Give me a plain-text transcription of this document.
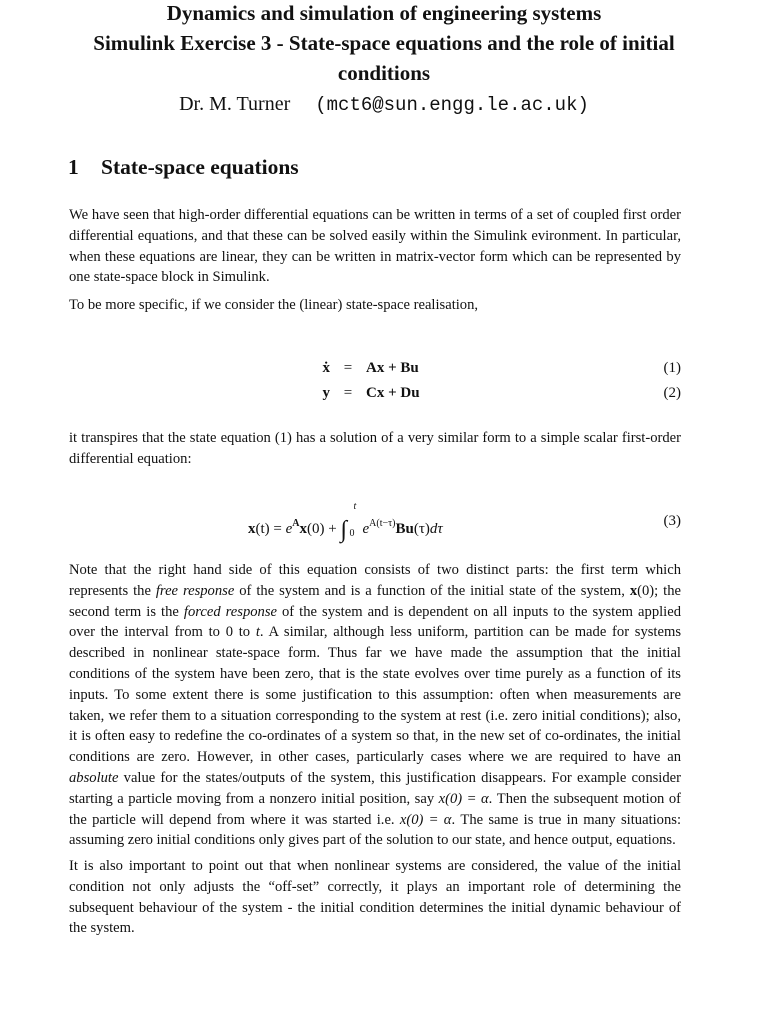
Dynamics and simulation of engineering systems
Simulink Exercise 3 - State-space equations and the role of initial
conditions
Dr. M. Turner (mct6@sun.engg.le.ac.uk)
1 State-space equations
We have seen that high-order differential equations can be written in terms of a set of coupled first order differential equations, and that these can be solved easily within the Simulink evironment. In particular, when these equations are linear, they can be written in matrix-vector form which can be represented by one state-space block in Simulink.
To be more specific, if we consider the (linear) state-space realisation,
ẋ = Ax + Bu	(1)
y = Cx + Du	(2)
it transpires that the state equation (1) has a solution of a very similar form to a simple scalar first-order differential equation:
$x(t) = e^Ax(0)$ + ∫
t
0 $e^{A(t-\tau)}Bu(\tau)d\tau$	(3)
Note that the right hand side of this equation consists of two distinct parts: the first term which represents the free response of the system and is a function of the initial state of the system, x(0); the second term is the forced response of the system and is dependent on all inputs to the system applied over the interval from to 0 to t. A similar, although less uniform, partition can be made for systems described in nonlinear state-space form. Thus far we have made the assumption that the initial conditions of the system have been zero, that is the state evolves over time purely as a function of its inputs. To some extent there is some justification to this assumption: often when measurements are taken, we refer them to a situation corresponding to the system at rest (i.e. zero initial conditions); also, it is often easy to redefine the co-ordinates of a system so that, in the new set of co-ordinates, the initial conditions are zero. However, in other cases, particularly cases where we are required to have an absolute value for the states/outputs of the system, this justification disappears. For example consider starting a particle moving from a nonzero initial position, say x(0) = α. Then the subsequent motion of the particle will depend from where it was started i.e. x(0) = α. The same is true in many situations: assuming zero initial conditions only gives part of the solution to our state, and hence output, equations.
It is also important to point out that when nonlinear systems are considered, the value of the initial condition not only adjusts the “off-set” correctly, it plays an important role of determining the subsequent behaviour of the system - the initial condition determines the initial dynamic behaviour of the system.
